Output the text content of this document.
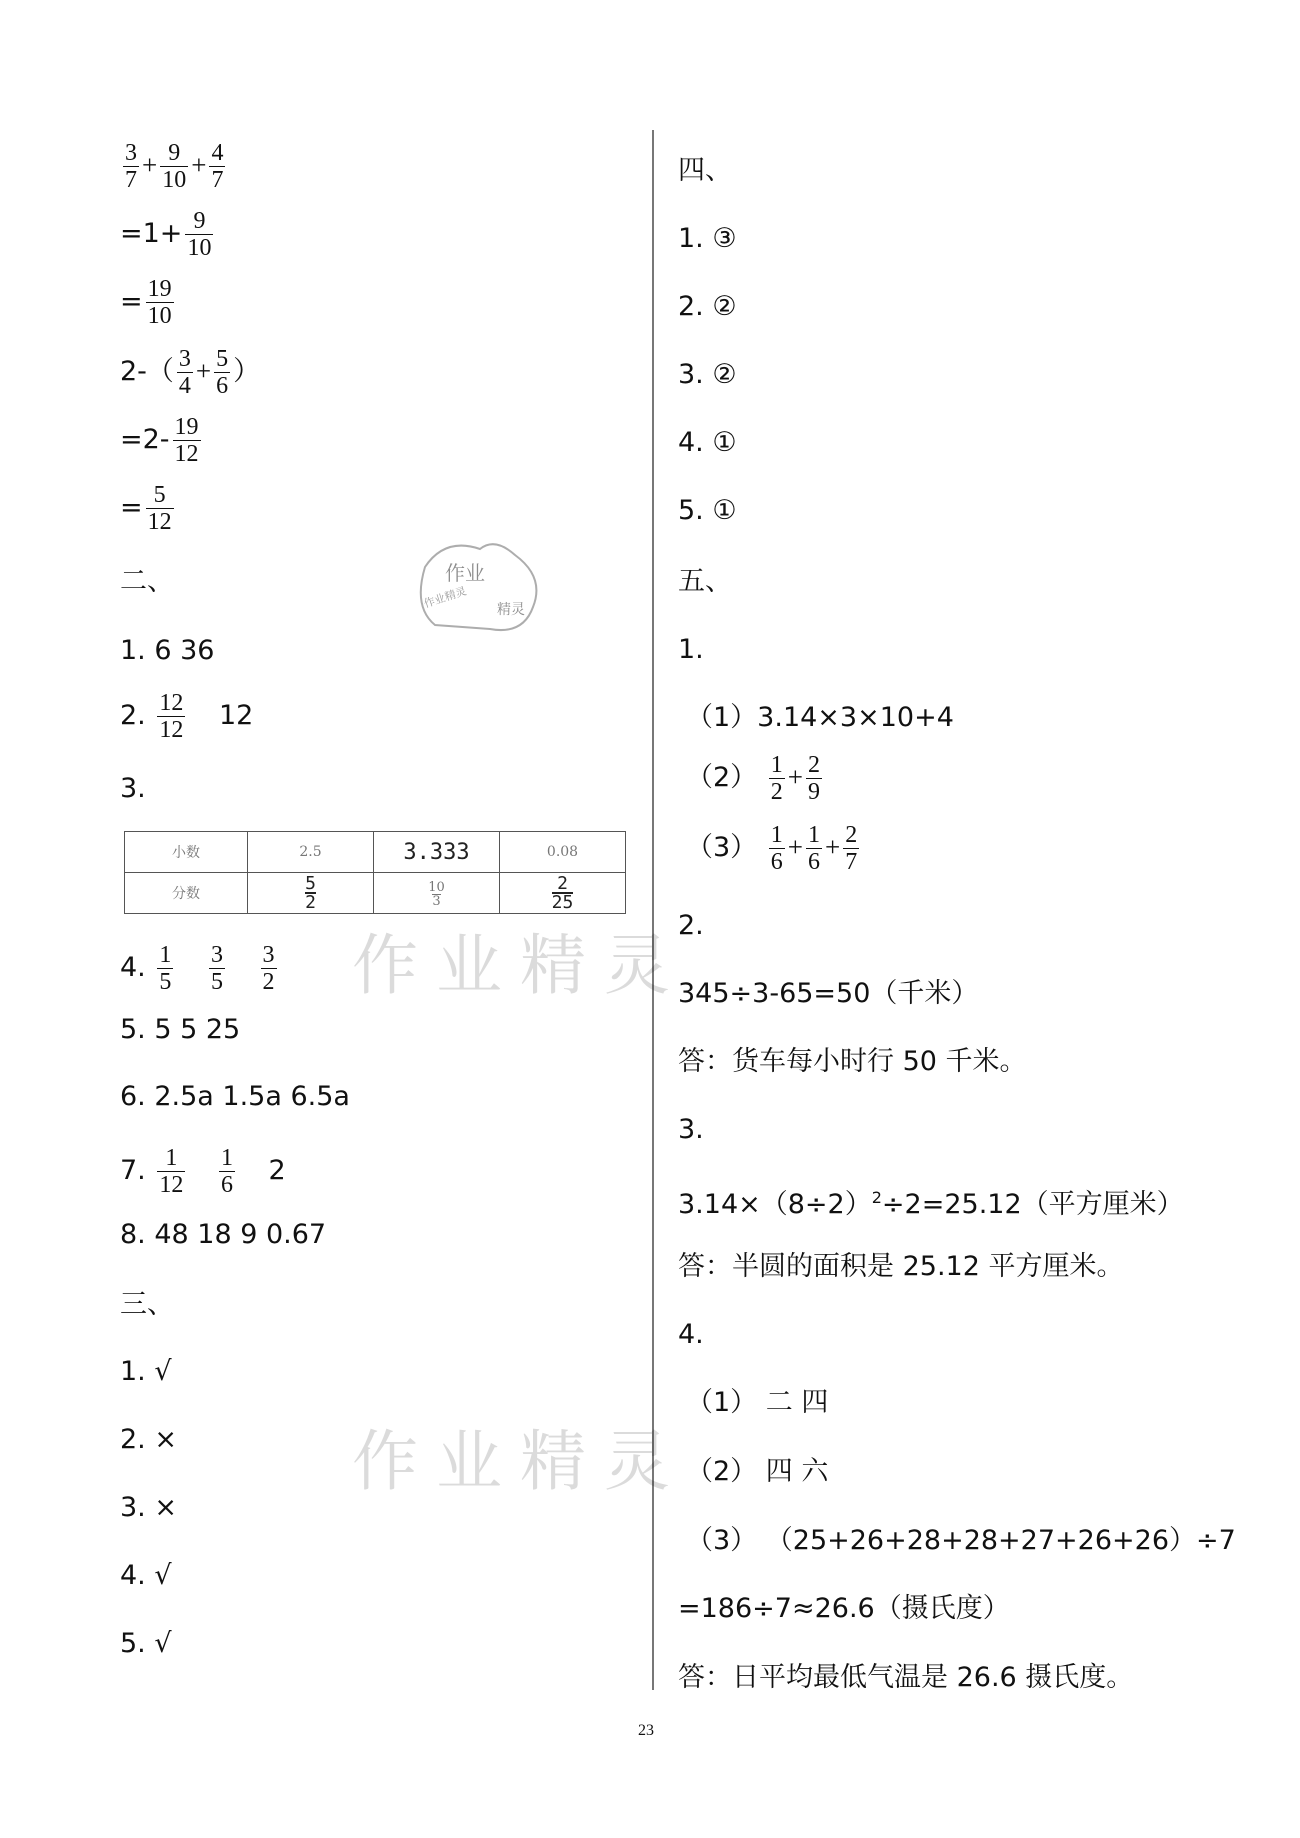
$\frac{3}{7} + \frac{9}{10} + \frac{4}{7}$
$=1+ \frac{9}{10}$
= $\frac{19}{10}$
$2-( \frac{3}{4} + \frac{5}{6}$ ）
$=2- \frac{19}{12}$
= $\frac{5}{12}$
二、
1. 6 36
2. $\frac{12}{12} 12$
3.
小数	2.5	3.333	0.08
分数	$\frac{5}{2}$	$\frac{10}{3}$	$\frac{2}{25}$
4. $\frac{1}{5}$
$\frac{3}{5}$
$\frac{3}{2}$
5. 5 5 25
6. 2.5a 1.5a 6.5a
7. $\frac{1}{12}$
$\frac{1}{6} 2$
8. 48 18 9 0.67
三、
1. √
2. ×
3. ×
4. √
5. √
四、
1. ③
2. ②
3. ②
4. ①
5. ①
五、
1.
（1）3.14×3×10+4
$(2) \frac{1}{2} + \frac{2}{9}$
$(3) \frac{1}{6} + \frac{1}{6} + \frac{2}{7}$
2.
345÷3-65=50（千米）
答：货车每小时行 50 千米。
3.
$3.14\times(8\div 2)^2\div 2=25.12$（平方厘米）
答：半圆的面积是 25.12 平方厘米。
4.
（1） 二 四
（2） 四 六
（3） （25+26+28+28+27+26+26）÷7
=186÷7≈26.6（摄氏度）
答：日平均最低气温是 26.6 摄氏度。
23
作业精灵
作业精灵
作业
作业精灵 精灵
